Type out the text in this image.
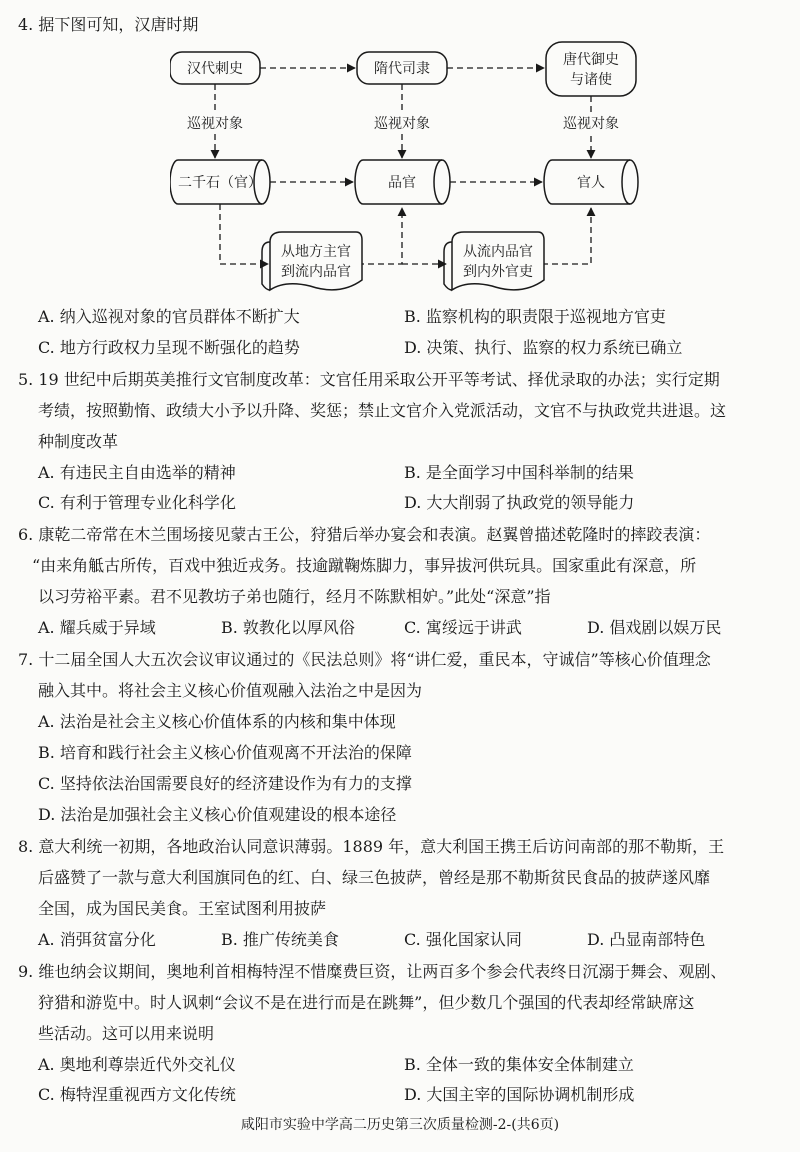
4. 据下图可知，汉唐时期
汉代刺史	隋代司隶
唐代御史
与诸使
巡视对象	巡视对象	巡视对象
二千石（官）	品官	官人
从地方主官
到流内品官
从流内品官
到内外官吏
A. 纳入巡视对象的官员群体不断扩大	B. 监察机构的职责限于巡视地方官吏
C. 地方行政权力呈现不断强化的趋势	D. 决策、执行、监察的权力系统已确立
5. 19 世纪中后期英美推行文官制度改革：文官任用采取公开平等考试、择优录取的办法；实行定期
考绩，按照勤惰、政绩大小予以升降、奖惩；禁止文官介入党派活动，文官不与执政党共进退。这
种制度改革
A. 有违民主自由选举的精神	B. 是全面学习中国科举制的结果
C. 有利于管理专业化科学化	D. 大大削弱了执政党的领导能力
6. 康乾二帝常在木兰围场接见蒙古王公，狩猎后举办宴会和表演。赵翼曾描述乾隆时的摔跤表演：
“由来角觝古所传，百戏中独近戎务。技逾蹴鞠炼脚力，事异拔河供玩具。国家重此有深意，所
以习劳裕平素。君不见教坊子弟也随行，经月不陈默相妒。”此处“深意”指
A. 耀兵威于异域	B. 敦教化以厚风俗	C. 寓绥远于讲武	D. 倡戏剧以娱万民
7. 十二届全国人大五次会议审议通过的《民法总则》将“讲仁爱，重民本，守诚信”等核心价值理念
融入其中。将社会主义核心价值观融入法治之中是因为
A. 法治是社会主义核心价值体系的内核和集中体现
B. 培育和践行社会主义核心价值观离不开法治的保障
C. 坚持依法治国需要良好的经济建设作为有力的支撑
D. 法治是加强社会主义核心价值观建设的根本途径
8. 意大利统一初期，各地政治认同意识薄弱。1889 年，意大利国王携王后访问南部的那不勒斯，王
后盛赞了一款与意大利国旗同色的红、白、绿三色披萨，曾经是那不勒斯贫民食品的披萨遂风靡
全国，成为国民美食。王室试图利用披萨
A. 消弭贫富分化	B. 推广传统美食	C. 强化国家认同	D. 凸显南部特色
9. 维也纳会议期间，奥地利首相梅特涅不惜糜费巨资，让两百多个参会代表终日沉溺于舞会、观剧、
狩猎和游览中。时人讽刺“会议不是在进行而是在跳舞”，但少数几个强国的代表却经常缺席这
些活动。这可以用来说明
A. 奥地利尊崇近代外交礼仪	B. 全体一致的集体安全体制建立
C. 梅特涅重视西方文化传统	D. 大国主宰的国际协调机制形成
咸阳市实验中学高二历史第三次质量检测-2-(共6页)
